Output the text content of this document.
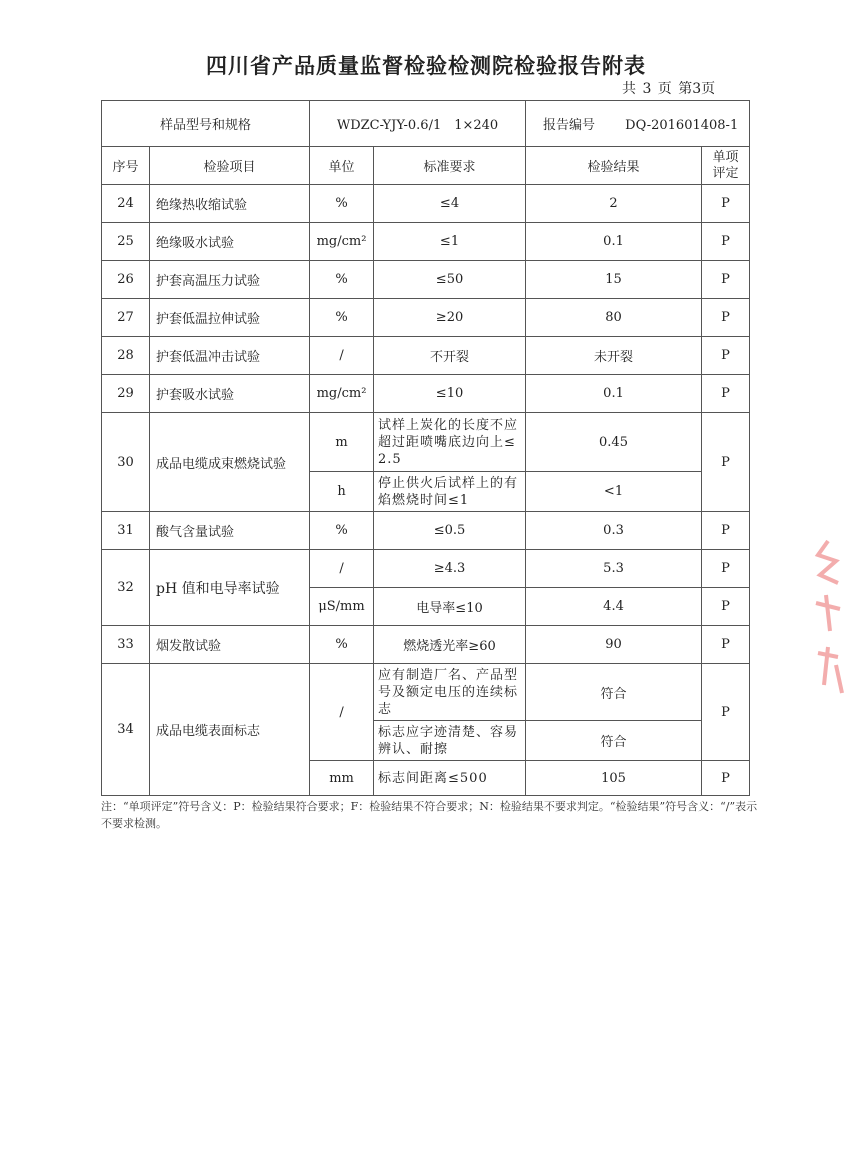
四川省产品质量监督检验检测院检验报告附表
共 3 页 第3页
样品型号和规格		WDZC-YJY-0.6/1　1×240		报告编号 DQ-201601408-1	
序号	检验项目	单位	标准要求	检验结果	单项评定
24	绝缘热收缩试验	%	≤4	2	P
25	绝缘吸水试验	mg/cm²	≤1	0.1	P
26	护套高温压力试验	%	≤50	15	P
27	护套低温拉伸试验	%	≥20	80	P
28	护套低温冲击试验	/	不开裂	未开裂	P
29	护套吸水试验	mg/cm²	≤10	0.1	P
30	成品电缆成束燃烧试验	m	试样上炭化的长度不应超过距喷嘴底边向上≤ 2.5	0.45	P
		h	停止供火后试样上的有焰燃烧时间≤1	<1	
31	酸气含量试验	%	≤0.5	0.3	P
32	pH 值和电导率试验	/	≥4.3	5.3	P
		μS/mm	电导率≤10	4.4	P
33	烟发散试验	%	燃烧透光率≥60	90	P
34	成品电缆表面标志	/	应有制造厂名、产品型号及额定电压的连续标志	符合	P
			标志应字迹清楚、容易辨认、耐擦	符合	
		mm	标志间距离≤500	105	P
注：“单项评定”符号含义：P：检验结果符合要求；F：检验结果不符合要求；N：检验结果不要求判定。“检验结果”符号含义：“/”表示不要求检测。
